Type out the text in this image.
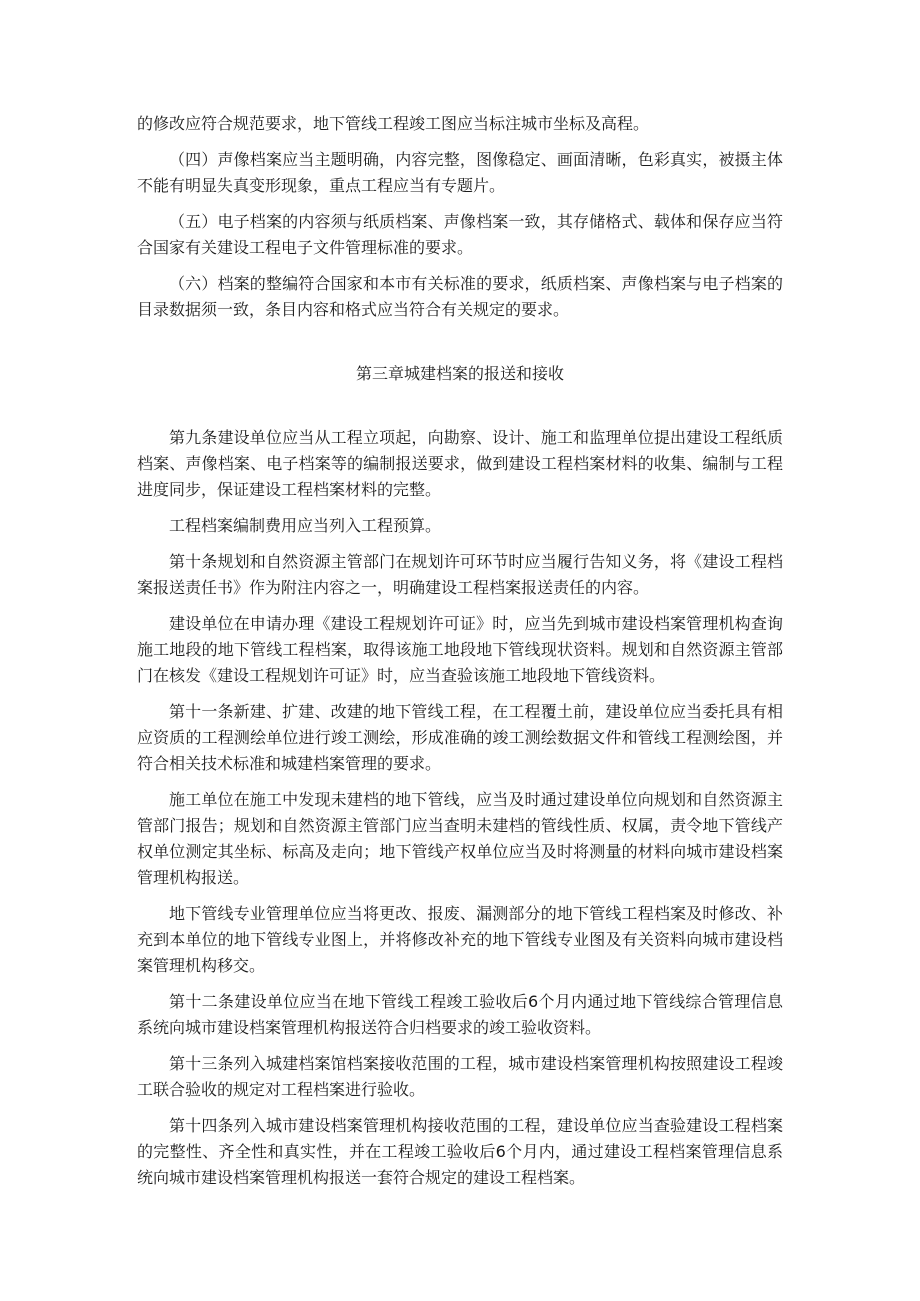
的修改应符合规范要求，地下管线工程竣工图应当标注城市坐标及高程。

（四）声像档案应当主题明确，内容完整，图像稳定、画面清晰，色彩真实，被摄主体不能有明显失真变形现象，重点工程应当有专题片。

（五）电子档案的内容须与纸质档案、声像档案一致，其存储格式、载体和保存应当符合国家有关建设工程电子文件管理标准的要求。

（六）档案的整编符合国家和本市有关标准的要求，纸质档案、声像档案与电子档案的目录数据须一致，条目内容和格式应当符合有关规定的要求。

第三章城建档案的报送和接收

第九条建设单位应当从工程立项起，向勘察、设计、施工和监理单位提出建设工程纸质档案、声像档案、电子档案等的编制报送要求，做到建设工程档案材料的收集、编制与工程进度同步，保证建设工程档案材料的完整。

工程档案编制费用应当列入工程预算。

第十条规划和自然资源主管部门在规划许可环节时应当履行告知义务，将《建设工程档案报送责任书》作为附注内容之一，明确建设工程档案报送责任的内容。

建设单位在申请办理《建设工程规划许可证》时，应当先到城市建设档案管理机构查询施工地段的地下管线工程档案，取得该施工地段地下管线现状资料。规划和自然资源主管部门在核发《建设工程规划许可证》时，应当查验该施工地段地下管线资料。

第十一条新建、扩建、改建的地下管线工程，在工程覆土前，建设单位应当委托具有相应资质的工程测绘单位进行竣工测绘，形成准确的竣工测绘数据文件和管线工程测绘图，并符合相关技术标准和城建档案管理的要求。

施工单位在施工中发现未建档的地下管线，应当及时通过建设单位向规划和自然资源主管部门报告；规划和自然资源主管部门应当查明未建档的管线性质、权属，责令地下管线产权单位测定其坐标、标高及走向；地下管线产权单位应当及时将测量的材料向城市建设档案管理机构报送。

地下管线专业管理单位应当将更改、报废、漏测部分的地下管线工程档案及时修改、补充到本单位的地下管线专业图上，并将修改补充的地下管线专业图及有关资料向城市建设档案管理机构移交。

第十二条建设单位应当在地下管线工程竣工验收后6个月内通过地下管线综合管理信息系统向城市建设档案管理机构报送符合归档要求的竣工验收资料。

第十三条列入城建档案馆档案接收范围的工程，城市建设档案管理机构按照建设工程竣工联合验收的规定对工程档案进行验收。

第十四条列入城市建设档案管理机构接收范围的工程，建设单位应当查验建设工程档案的完整性、齐全性和真实性，并在工程竣工验收后6个月内，通过建设工程档案管理信息系统向城市建设档案管理机构报送一套符合规定的建设工程档案。
